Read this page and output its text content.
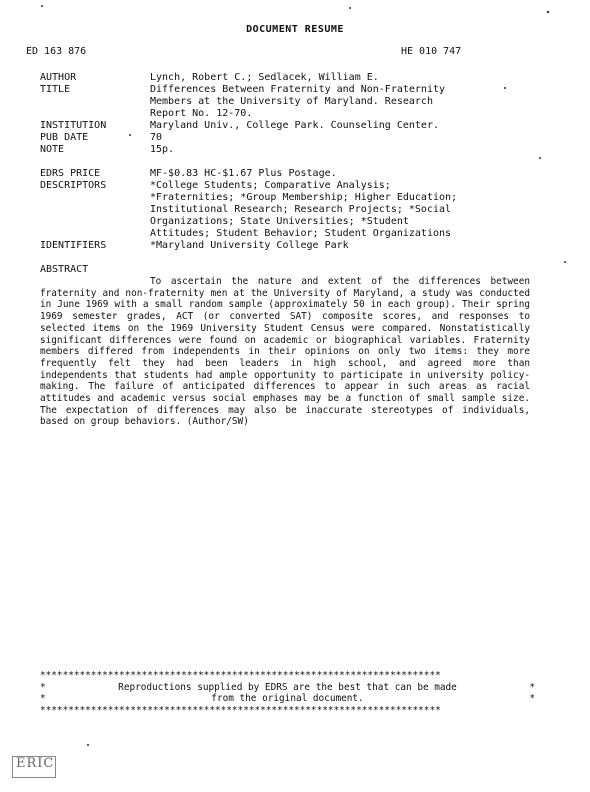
DOCUMENT RESUME
ED 163 876	HE 010 747
AUTHOR	Lynch, Robert C.; Sedlacek, William E.
TITLE	Differences Between Fraternity and Non-Fraternity
Members at the University of Maryland. Research
Report No. 12-70.
INSTITUTION	Maryland Univ., College Park. Counseling Center.
PUB DATE	70
NOTE	15p.
EDRS PRICE	MF-$0.83 HC-$1.67 Plus Postage.
DESCRIPTORS	*College Students; Comparative Analysis;
*Fraternities; *Group Membership; Higher Education;
Institutional Research; Research Projects; *Social
Organizations; State Universities; *Student
Attitudes; Student Behavior; Student Organizations
IDENTIFIERS	*Maryland University College Park
ABSTRACT
To ascertain the nature and extent of the differences between fraternity and non-fraternity men at the University of Maryland, a study was conducted in June 1969 with a small random sample (approximately 50 in each group). Their spring 1969 semester grades, ACT (or converted SAT) composite scores, and responses to selected items on the 1969 University Student Census were compared. Nonstatistically significant differences were found on academic or biographical variables. Fraternity members differed from independents in their opinions on only two items: they more frequently felt they had been leaders in high school, and agreed more than independents that students had ample opportunity to participate in university policy-making. The failure of anticipated differences to appear in such areas as racial attitudes and academic versus social emphases may be a function of small sample size. The expectation of differences may also be inaccurate stereotypes of individuals, based on group behaviors. (Author/SW)
***********************************************************************
*	Reproductions supplied by EDRS are the best that can be made	*
*	from the original document.	*
***********************************************************************
ERIC
